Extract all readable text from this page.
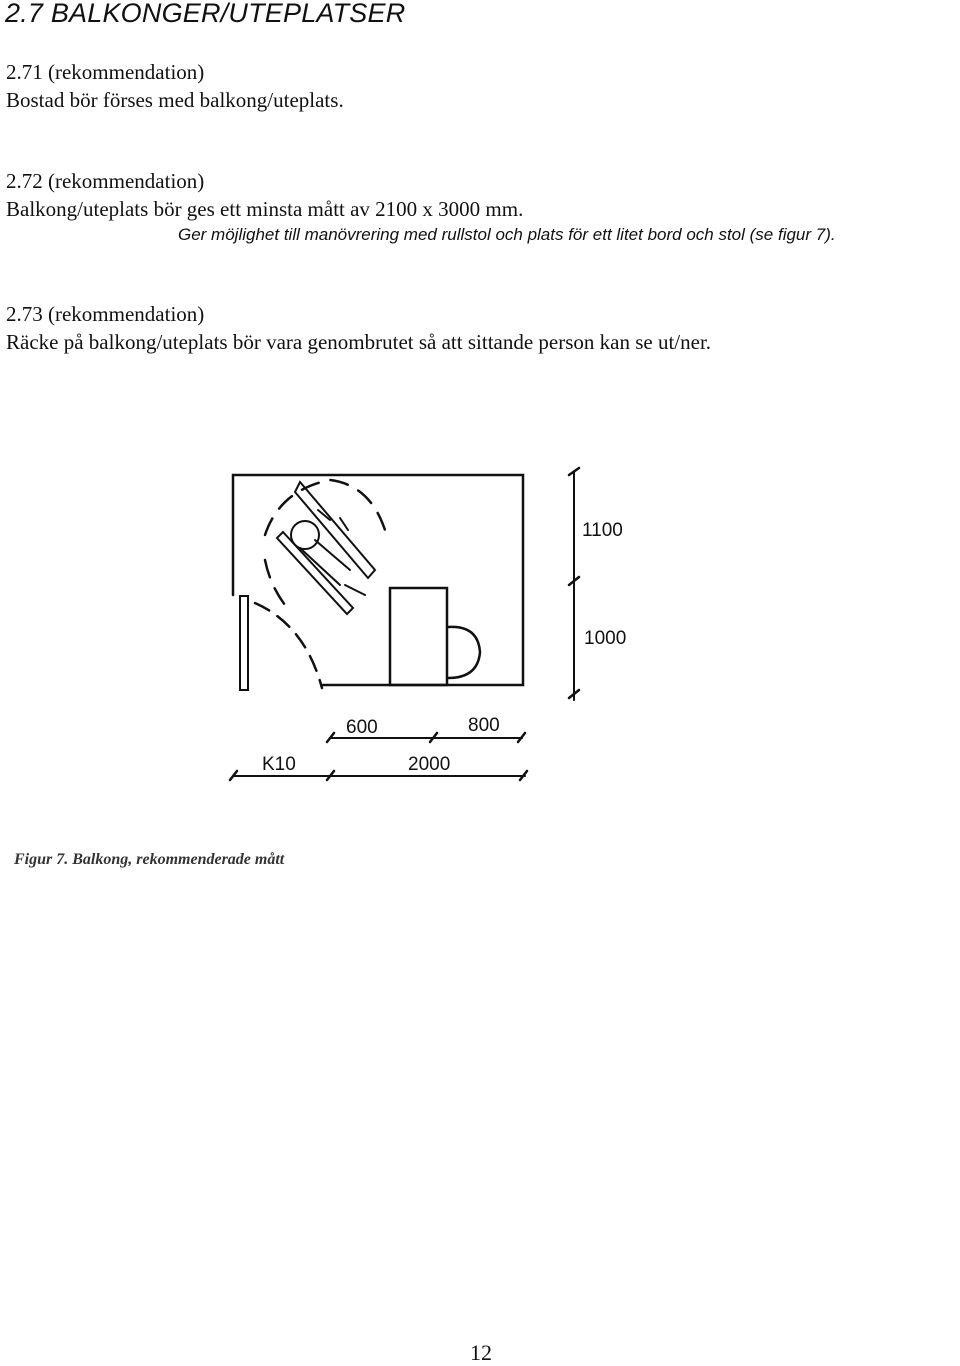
2.7 BALKONGER/UTEPLATSER
2.71 (rekommendation)
Bostad bör förses med balkong/uteplats.
2.72 (rekommendation)
Balkong/uteplats bör ges ett minsta mått av 2100 x 3000 mm.
Ger möjlighet till manövrering med rullstol och plats för ett litet bord och stol (se figur 7).
2.73 (rekommendation)
Räcke på balkong/uteplats bör vara genombrutet så att sittande person kan se ut/ner.
1100
1000
600	800
K10	2000
Figur 7. Balkong, rekommenderade mått
12
